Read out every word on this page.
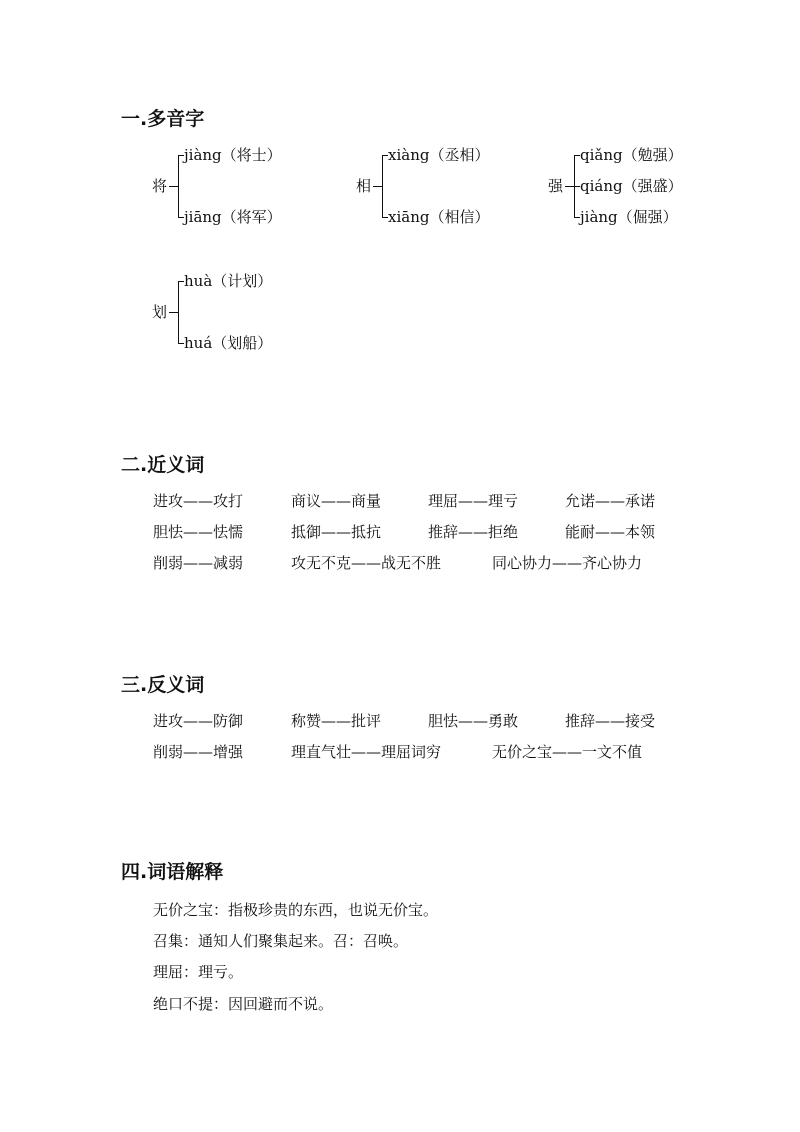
一.多音字
将
jiàng（将士）
jiāng（将军）
相
xiàng（丞相）
xiāng（相信）
强
qiǎng（勉强）
qiáng（强盛）
jiàng（倔强）
划
huà（计划）
huá（划船）
二.近义词
进攻——攻打	商议——商量	理屈——理亏	允诺——承诺
胆怯——怯懦	抵御——抵抗	推辞——拒绝	能耐——本领
削弱——减弱	攻无不克——战无不胜	同心协力——齐心协力
三.反义词
进攻——防御	称赞——批评	胆怯——勇敢	推辞——接受
削弱——增强	理直气壮——理屈词穷	无价之宝——一文不值
四.词语解释
无价之宝：指极珍贵的东西，也说无价宝。
召集：通知人们聚集起来。召：召唤。
理屈：理亏。
绝口不提：因回避而不说。
